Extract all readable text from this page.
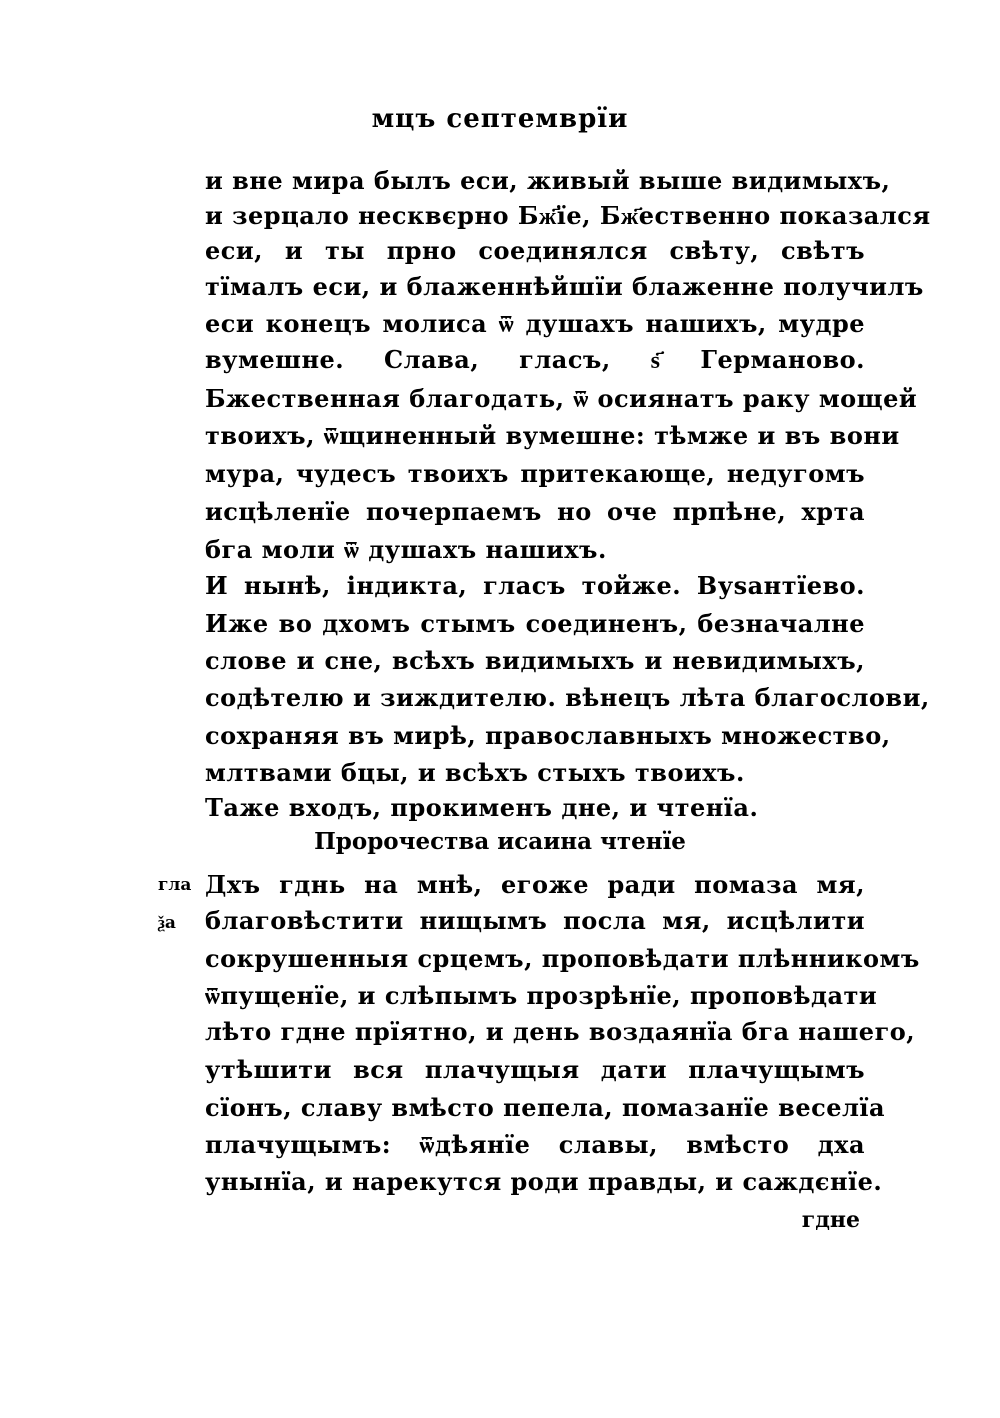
мцъ септемврїи
и вне мира былъ еси, живый выше видимыхъ,
и зерцало несквєрно Бж҃їе, Бж҃ественно показался
еси, и ты прно соединялся свѣту, свѣтъ
тїмалъ еси, и блаженнѣйшїи блаженне получилъ
еси конецъ молиса ѿ душахъ нашихъ, мудре
вумешне. Слава, гласъ, ѕ҃ Германово.
Бжественная благодать, ѿ осиянатъ раку мощей
твоихъ, ѿщиненный вумешне: тѣмже и въ вони
мура, чудесъ твоихъ притекающе, недугомъ
исцѣленїе почерпаемъ но оче прпѣне, хрта
бга моли ѿ душахъ нашихъ.
И нынѣ, індикта, гласъ тойже. Вуѕантїево.
Иже во дхомъ стымъ соединенъ, безначалне
слове и сне, всѣхъ видимыхъ и невидимыхъ,
содѣтелю и зиждителю. вѣнецъ лѣта благослови,
сохраняя въ мирѣ, православныхъ множество,
млтвами бцы, и всѣхъ стыхъ твоихъ.
Таже входъ, прокименъ дне, и чтенїа.
Пророчества исаина чтенїе
гла
ѯа
Дхъ гднь на мнѣ, егоже ради помаза мя,
благовѣстити нищымъ посла мя, исцѣлити
сокрушенныя срцемъ, проповѣдати плѣнникомъ
ѿпущенїе, и слѣпымъ прозрѣнїе, проповѣдати
лѣто гдне прїятно, и день воздаянїа бга нашего,
утѣшити вся плачущыя дати плачущымъ
сїонъ, славу вмѣсто пепела, помазанїе веселїа
плачущымъ: ѿдѣянїе славы, вмѣсто дха
унынїа, и нарекутся роди правды, и саждєнїе.
гдне
